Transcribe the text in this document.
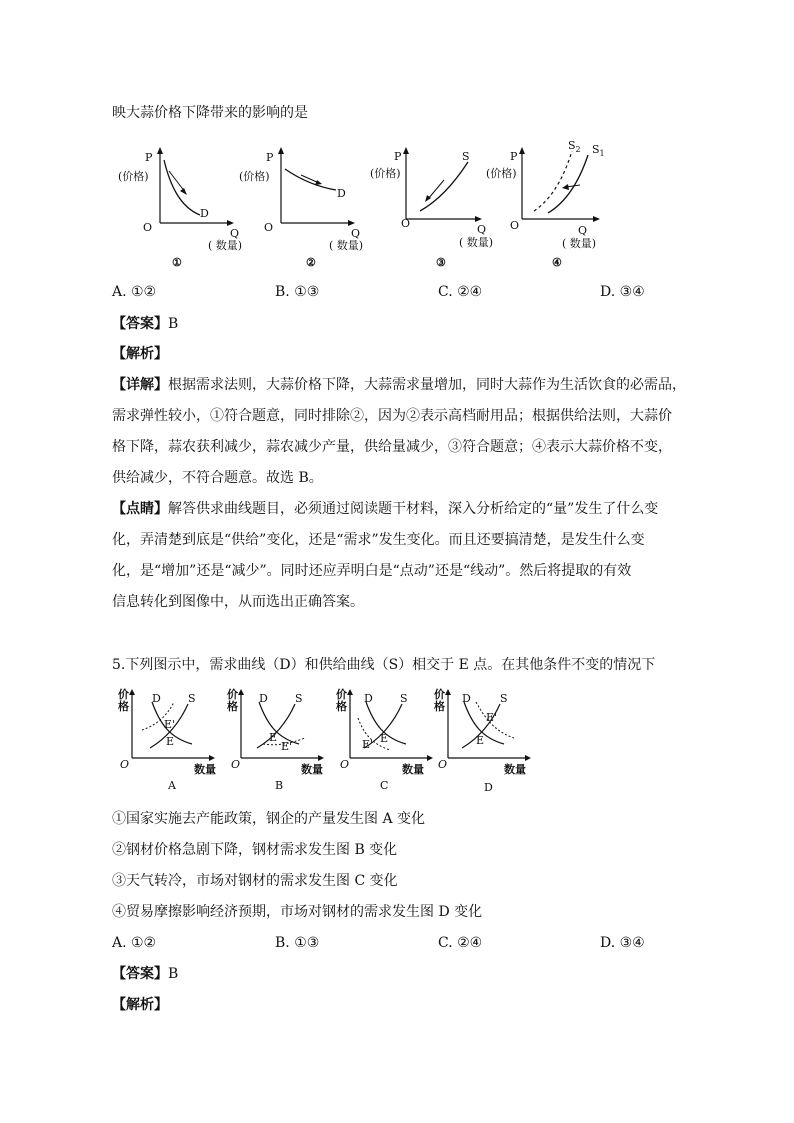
映大蒜价格下降带来的影响的是
P
(价格)
O	Q
( 数量)
D
①
P
(价格)
O	Q
( 数量)
D
②
P
(价格)
O	Q
( 数量)
S
③
P
(价格)
O	Q
( 数量)
$S_2$ $S_1$
④
A. ①②	B. ①③	C. ②④	D. ③④
【答案】B
【解析】
【详解】根据需求法则，大蒜价格下降，大蒜需求量增加，同时大蒜作为生活饮食的必需品，
需求弹性较小，①符合题意，同时排除②，因为②表示高档耐用品；根据供给法则，大蒜价
格下降，蒜农获利减少，蒜农减少产量，供给量减少，③符合题意；④表示大蒜价格不变，
供给减少，不符合题意。故选 B。
【点睛】解答供求曲线题目，必须通过阅读题干材料，深入分析给定的“量”发生了什么变
化，弄清楚到底是“供给”变化，还是“需求”发生变化。而且还要搞清楚，是发生什么变
化，是“增加”还是“减少”。同时还应弄明白是“点动”还是“线动”。然后将提取的有效
信息转化到图像中，从而选出正确答案。
5.下列图示中，需求曲线（D）和供给曲线（S）相交于 E 点。在其他条件不变的情况下
价
格
D S
E'
E
O	数量
A
价
格
D S
E
E'
O	数量
B
价
格
D S
E
E'
O	数量
C
价
格
D	S
E'
E
O	数量
D
①国家实施去产能政策，钢企的产量发生图 A 变化
②钢材价格急剧下降，钢材需求发生图 B 变化
③天气转冷，市场对钢材的需求发生图 C 变化
④贸易摩擦影响经济预期，市场对钢材的需求发生图 D 变化
A. ①②	B. ①③	C. ②④	D. ③④
【答案】B
【解析】
